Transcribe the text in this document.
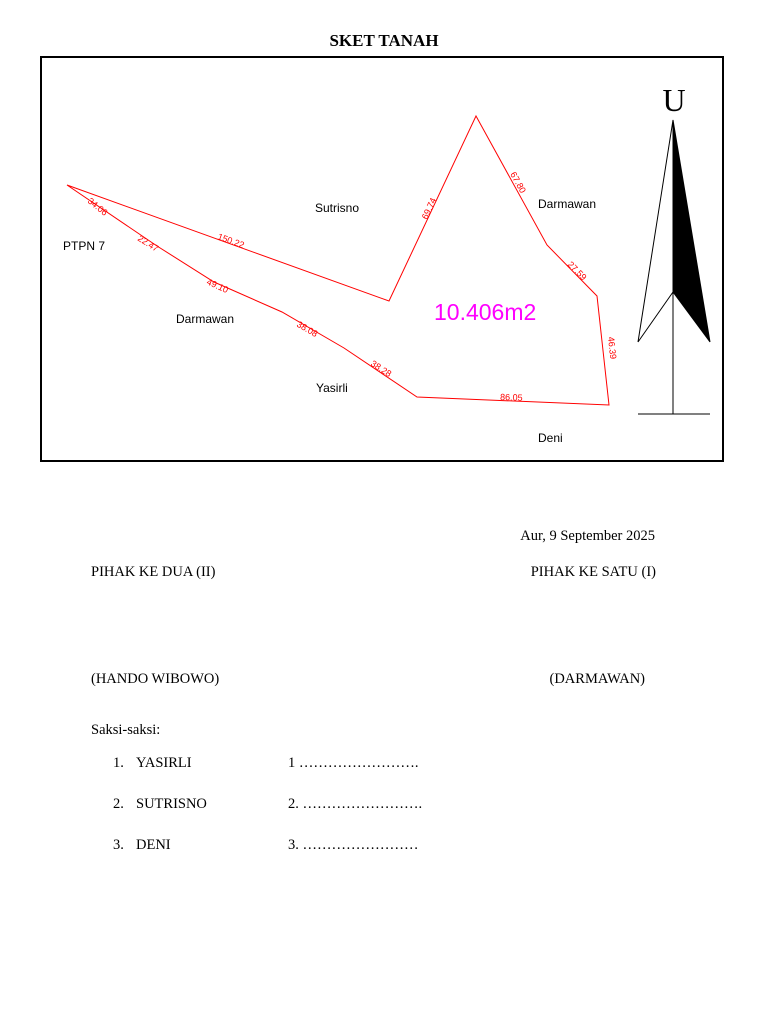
SKET TANAH
150.22
69.74
67.80
27.59
46.39
86.05
38.28
38.08
49.10
22.47
34.06
PTPN 7
Sutrisno	Darmawan
Darmawan
Yasirli
Deni
10.406m2
U
Aur, 9 September 2025
PIHAK KE DUA (II)	PIHAK KE SATU (I)
(HANDO WIBOWO)	(DARMAWAN)
Saksi-saksi:
1. YASIRLI	1 …………………….
2. SUTRISNO	2. …………………….
3. DENI	3. ……………………
